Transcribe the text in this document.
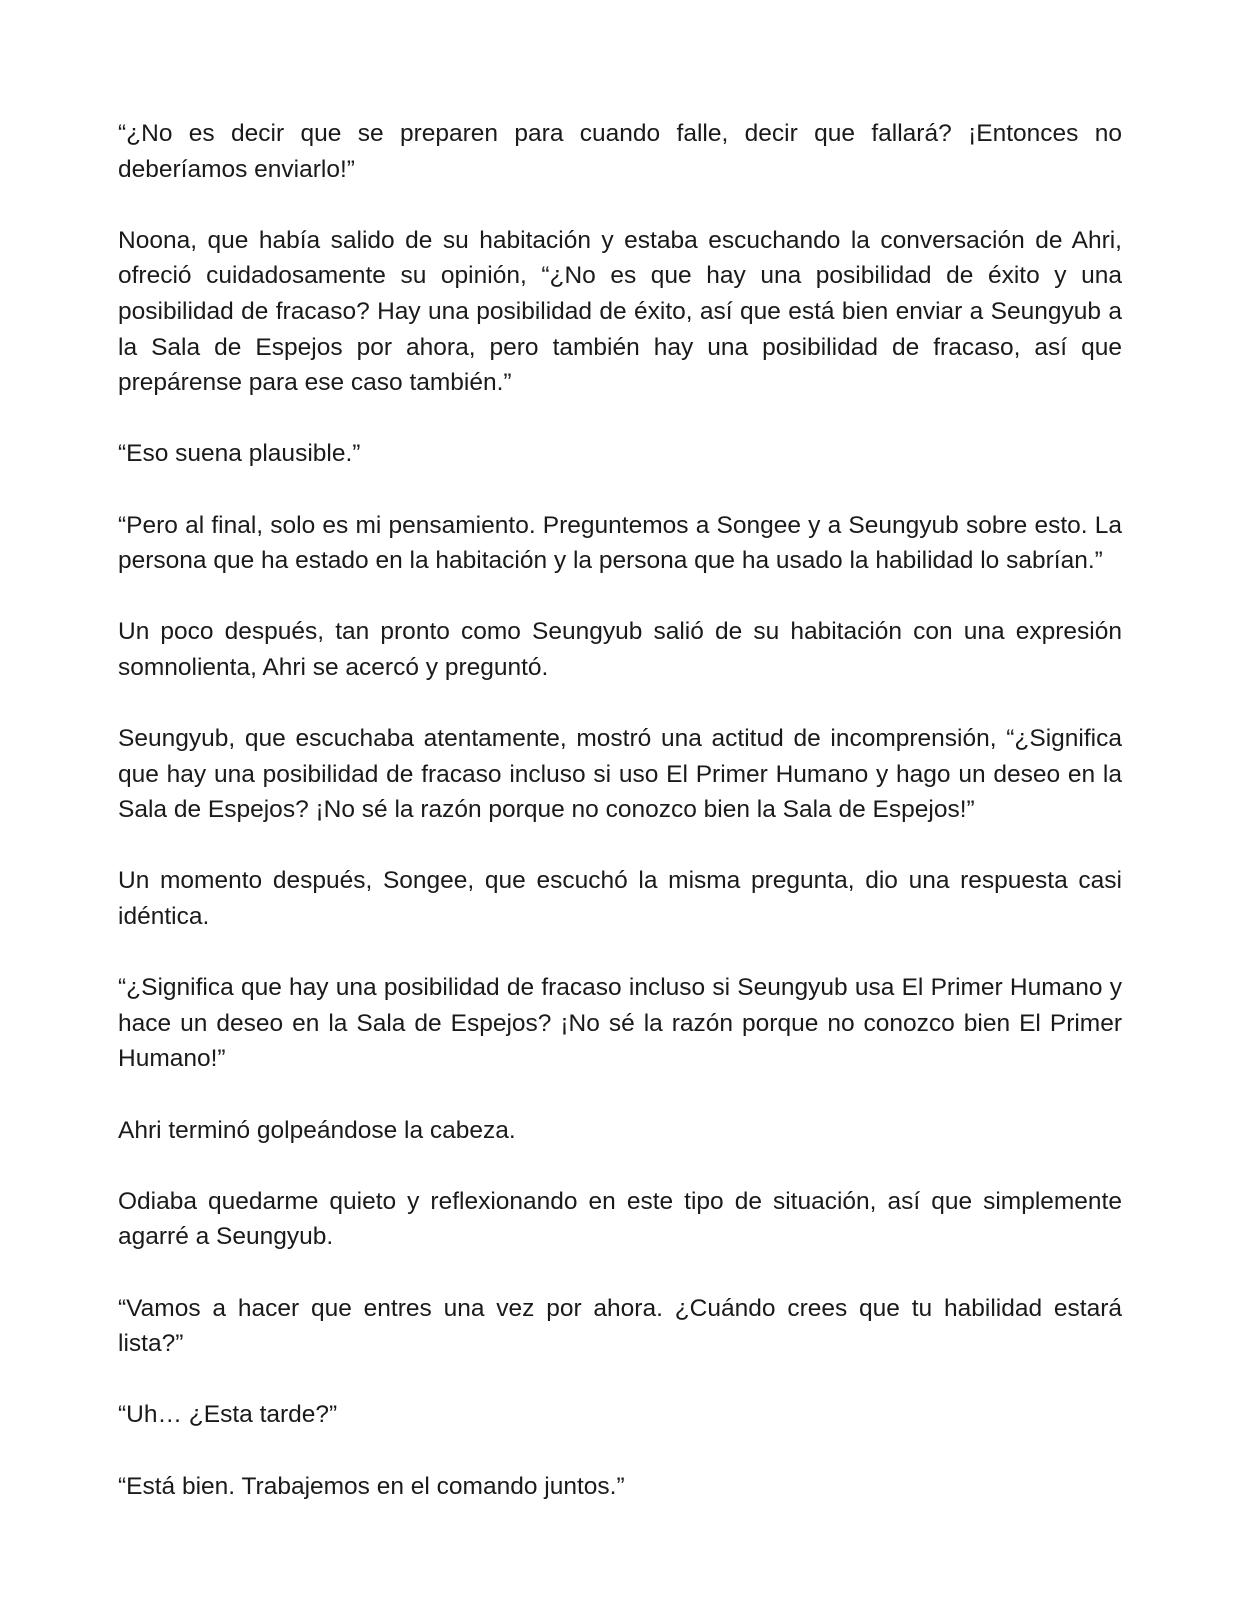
“¿No es decir que se preparen para cuando falle, decir que fallará? ¡Entonces no deberíamos enviarlo!”

Noona, que había salido de su habitación y estaba escuchando la conversación de Ahri, ofreció cuidadosamente su opinión, “¿No es que hay una posibilidad de éxito y una posibilidad de fracaso? Hay una posibilidad de éxito, así que está bien enviar a Seungyub a la Sala de Espejos por ahora, pero también hay una posibilidad de fracaso, así que prepárense para ese caso también.”

“Eso suena plausible.”

“Pero al final, solo es mi pensamiento. Preguntemos a Songee y a Seungyub sobre esto. La persona que ha estado en la habitación y la persona que ha usado la habilidad lo sabrían.”

Un poco después, tan pronto como Seungyub salió de su habitación con una expresión somnolienta, Ahri se acercó y preguntó.

Seungyub, que escuchaba atentamente, mostró una actitud de incomprensión, “¿Significa que hay una posibilidad de fracaso incluso si uso El Primer Humano y hago un deseo en la Sala de Espejos? ¡No sé la razón porque no conozco bien la Sala de Espejos!”

Un momento después, Songee, que escuchó la misma pregunta, dio una respuesta casi idéntica.

“¿Significa que hay una posibilidad de fracaso incluso si Seungyub usa El Primer Humano y hace un deseo en la Sala de Espejos? ¡No sé la razón porque no conozco bien El Primer Humano!”

Ahri terminó golpeándose la cabeza.

Odiaba quedarme quieto y reflexionando en este tipo de situación, así que simplemente agarré a Seungyub.

“Vamos a hacer que entres una vez por ahora. ¿Cuándo crees que tu habilidad estará lista?”

“Uh… ¿Esta tarde?”

“Está bien. Trabajemos en el comando juntos.”
